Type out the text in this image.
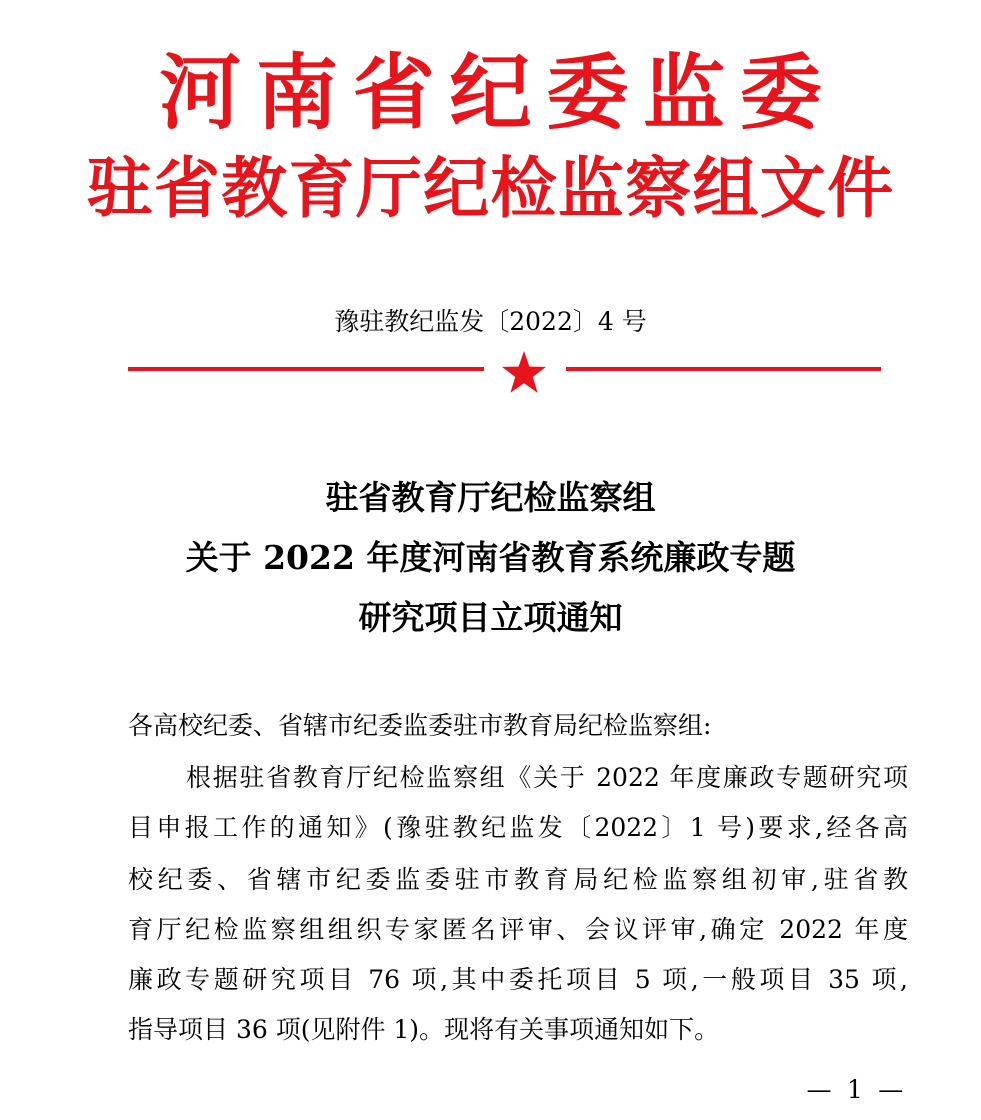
河南省纪委监委
驻省教育厅纪检监察组文件
豫驻教纪监发〔2022〕4 号
驻省教育厅纪检监察组
关于 2022 年度河南省教育系统廉政专题
研究项目立项通知
各高校纪委、省辖市纪委监委驻市教育局纪检监察组:
根据驻省教育厅纪检监察组《关于 2022 年度廉政专题研究项
目申报工作的通知》(豫驻教纪监发〔2022〕1 号)要求,经各高
校纪委、省辖市纪委监委驻市教育局纪检监察组初审,驻省教
育厅纪检监察组组织专家匿名评审、会议评审,确定 2022 年度
廉政专题研究项目 76 项,其中委托项目 5 项,一般项目 35 项,
指导项目 36 项(见附件 1)。现将有关事项通知如下。
— 1 —
